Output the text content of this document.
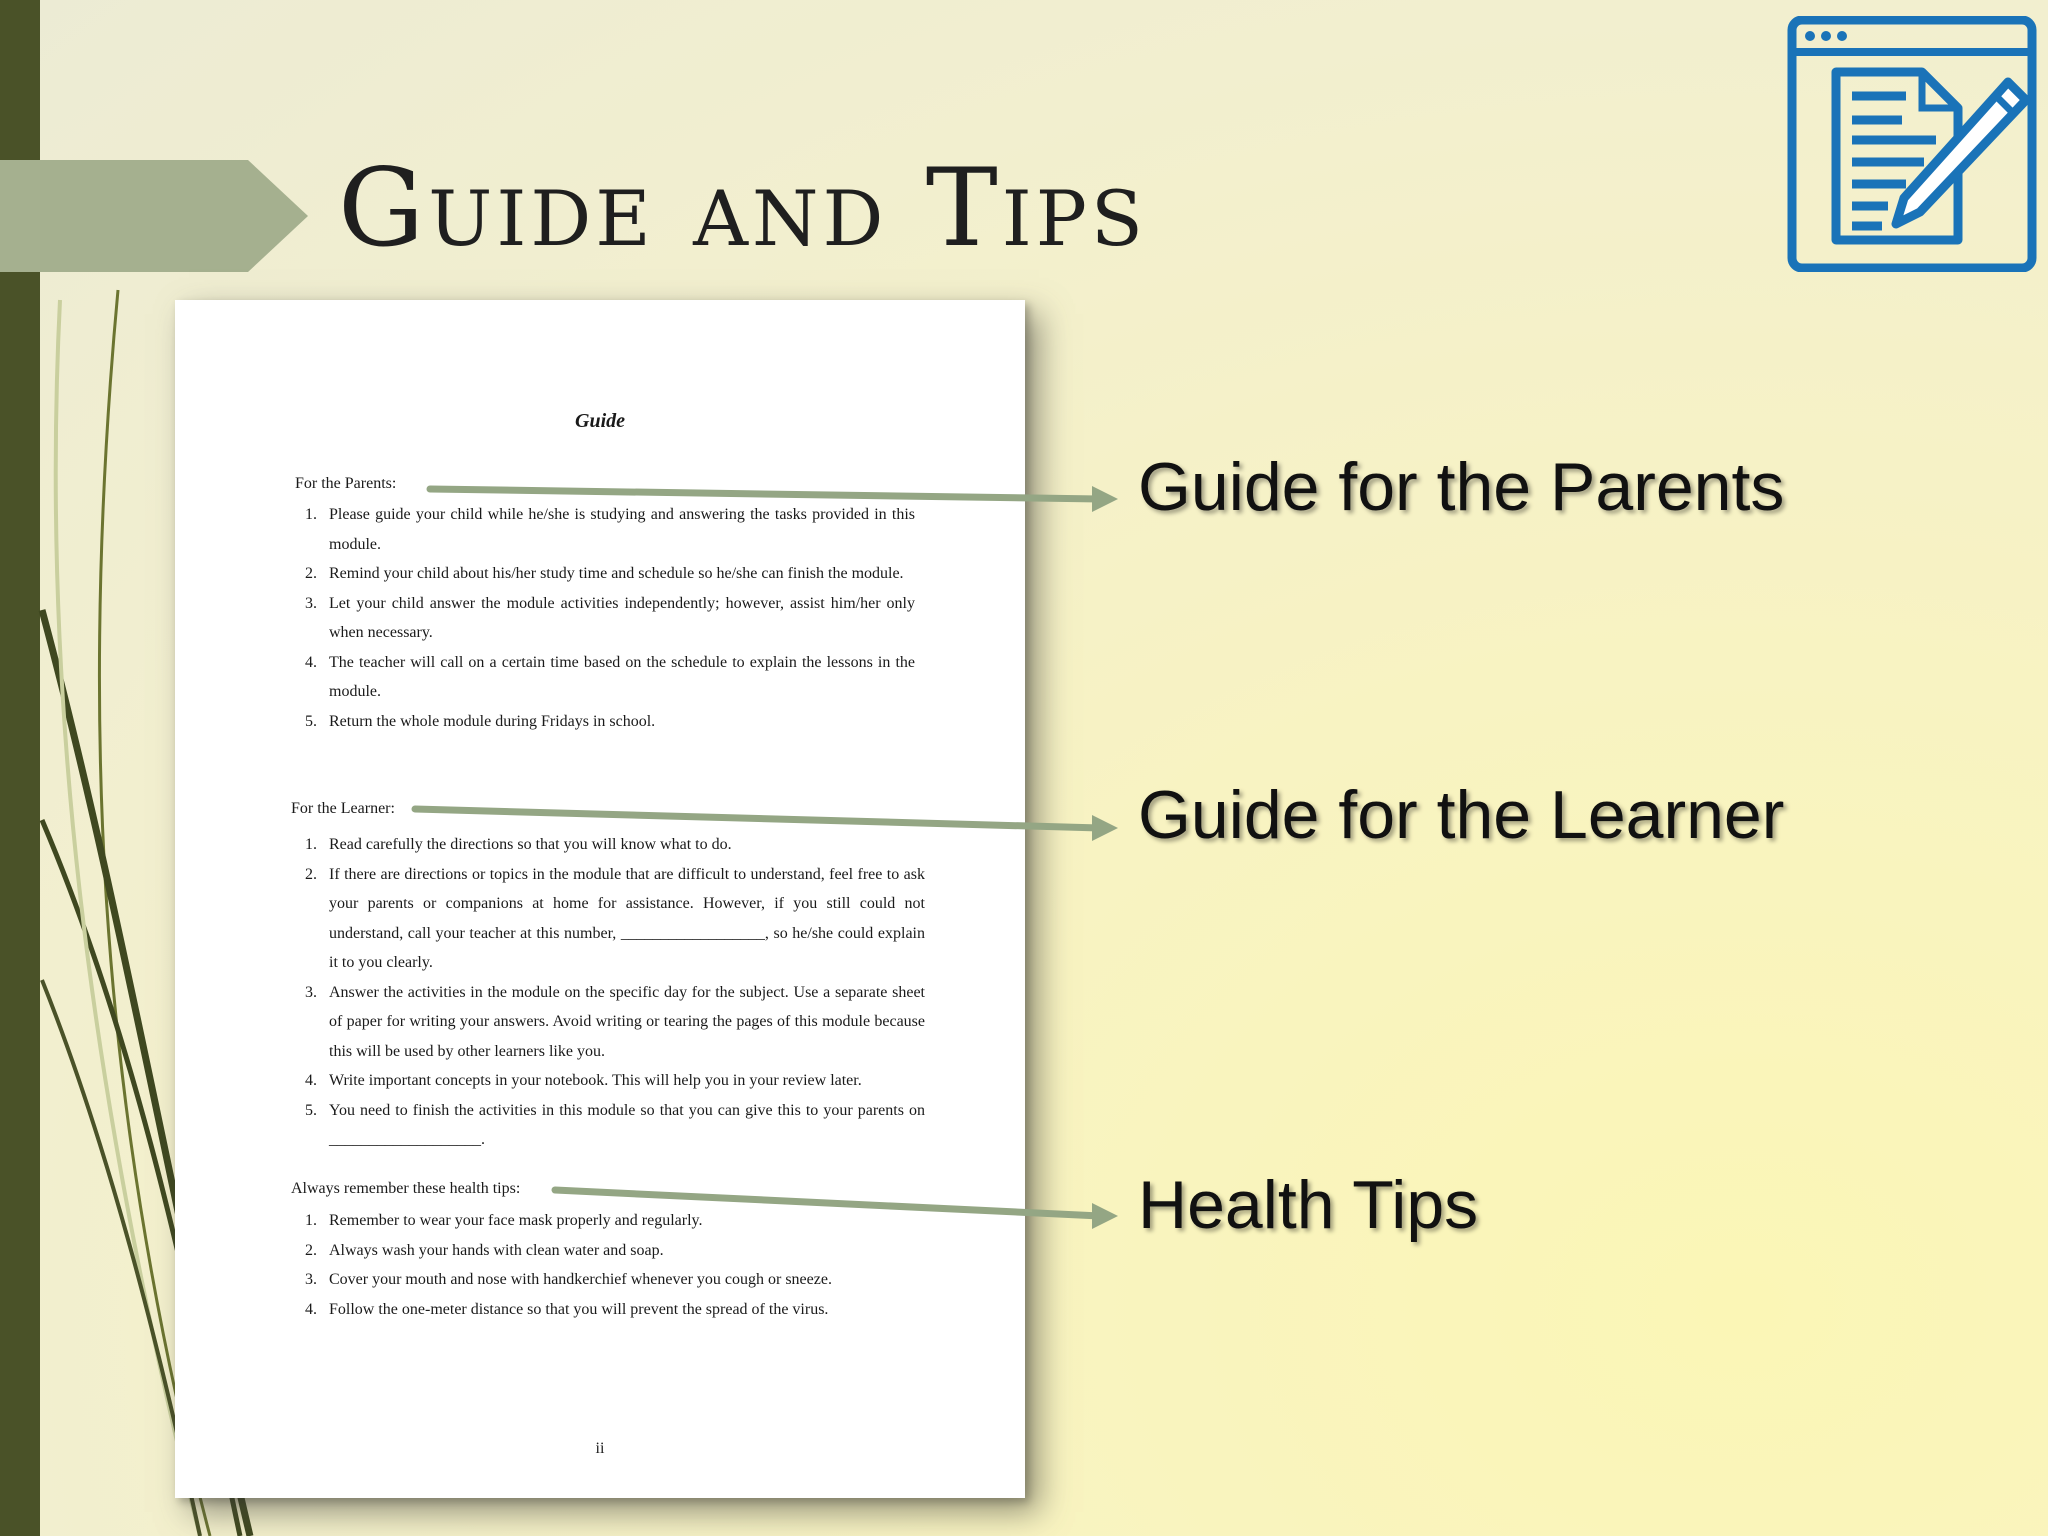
Guide and Tips
Guide
For the Parents:
1. Please guide your child while he/she is studying and answering the tasks provided in this module.
2. Remind your child about his/her study time and schedule so he/she can finish the module.
3. Let your child answer the module activities independently; however, assist him/her only when necessary.
4. The teacher will call on a certain time based on the schedule to explain the lessons in the module.
5. Return the whole module during Fridays in school.
For the Learner:
1. Read carefully the directions so that you will know what to do.
2. If there are directions or topics in the module that are difficult to understand, feel free to ask your parents or companions at home for assistance. However, if you still could not understand, call your teacher at this number, __________________, so he/she could explain it to you clearly.
3. Answer the activities in the module on the specific day for the subject. Use a separate sheet of paper for writing your answers. Avoid writing or tearing the pages of this module because this will be used by other learners like you.
4. Write important concepts in your notebook. This will help you in your review later.
5. You need to finish the activities in this module so that you can give this to your parents on ___________________.
Always remember these health tips:
1. Remember to wear your face mask properly and regularly.
2. Always wash your hands with clean water and soap.
3. Cover your mouth and nose with handkerchief whenever you cough or sneeze.
4. Follow the one-meter distance so that you will prevent the spread of the virus.
ii

Guide for the Parents

Guide for the Learner

Health Tips
